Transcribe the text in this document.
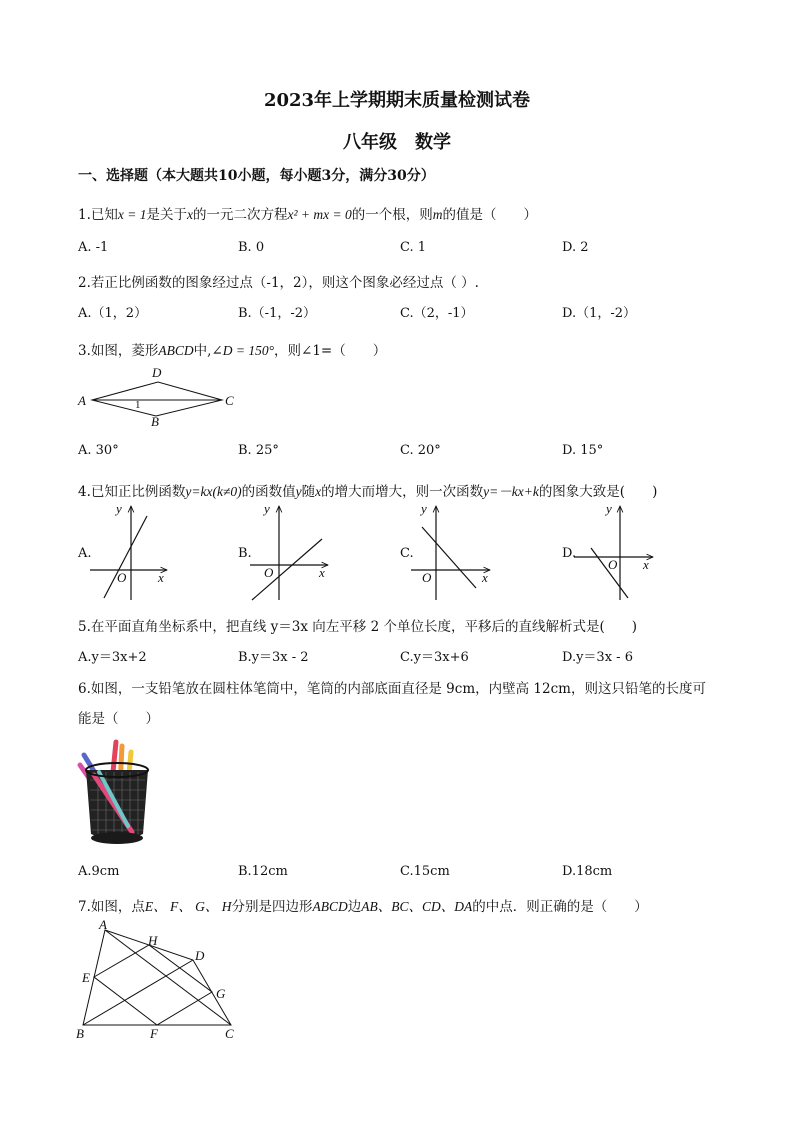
2023年上学期期末质量检测试卷
八年级　数学
一、选择题（本大题共10小题，每小题3分，满分30分）
1.已知x = 1是关于x的一元二次方程x² + mx = 0的一个根，则m的值是（　　）
A. -1	B. 0	C. 1	D. 2
2.若正比例函数的图象经过点（-1，2），则这个图象必经过点（ ）.
A.（1，2）	B.（-1，-2）	C.（2，-1）	D.（1，-2）
3.如图，菱形ABCD中,∠D = 150°，则∠1=（　　）
A
D
C
B
1
A. 30°	B. 25°	C. 20°	D. 15°
4.已知正比例函数y=kx(k≠0)的函数值y随x的增大而增大，则一次函数y=－kx+k的图象大致是(　　)
y
x
O
y
x
O
y
x
O
y
x
O
A.	B.	C.	D.
5.在平面直角坐标系中，把直线 y＝3x 向左平移 2 个单位长度，平移后的直线解析式是(　　)
A.y＝3x+2	B.y＝3x - 2	C.y＝3x+6	D.y＝3x - 6
6.如图，一支铅笔放在圆柱体笔筒中，笔筒的内部底面直径是 9cm，内壁高 12cm，则这只铅笔的长度可
能是（　　）
A.9cm	B.12cm	C.15cm	D.18cm
7.如图，点E、 F、 G、 H分别是四边形ABCD边AB、BC、CD、DA的中点．则正确的是（　　）
A
H
D
E
G
B	F	C
